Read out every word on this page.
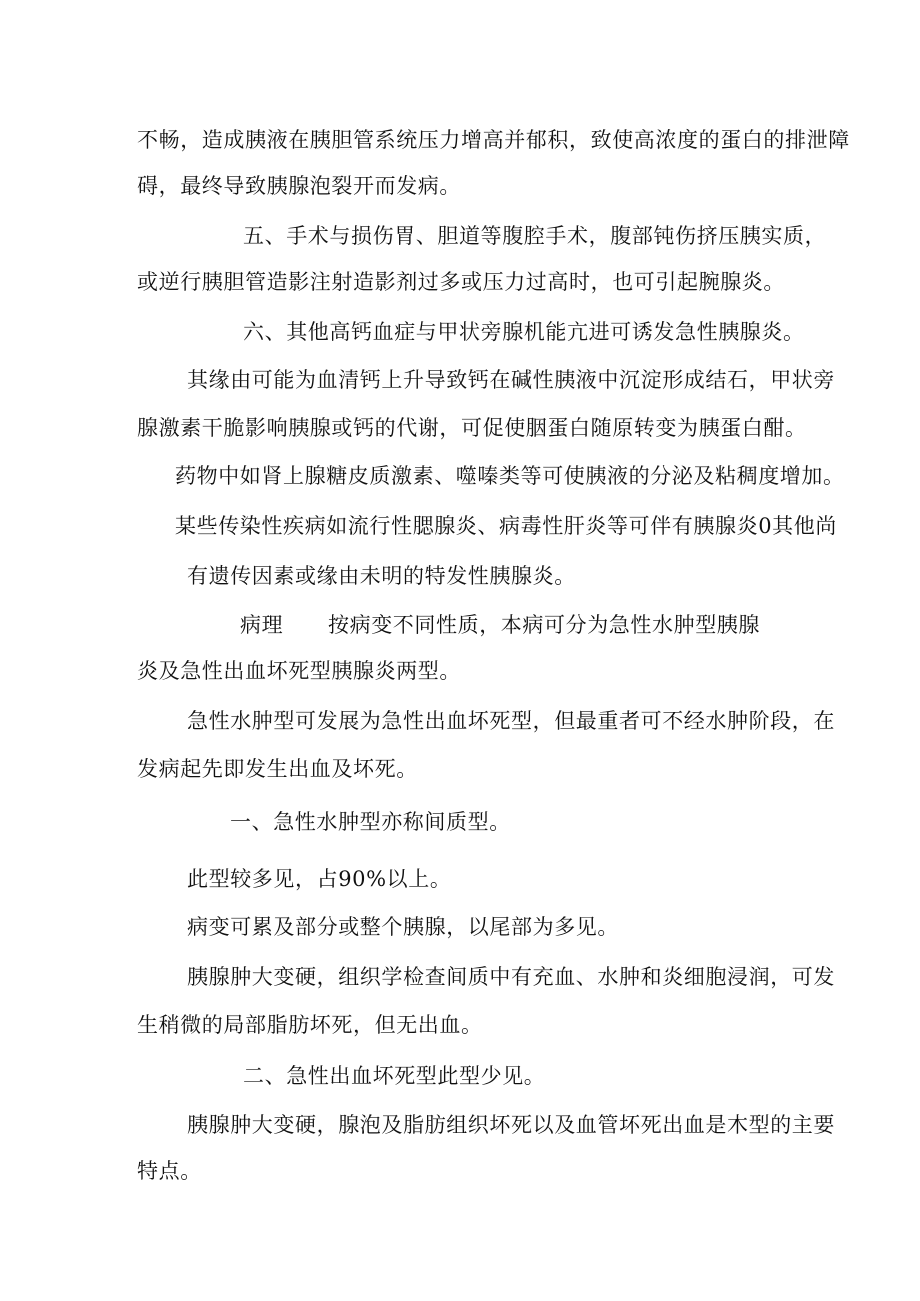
不畅，造成胰液在胰胆管系统压力增高并郁积，致使高浓度的蛋白的排泄障
碍，最终导致胰腺泡裂开而发病。
五、手术与损伤胃、胆道等腹腔手术，腹部钝伤挤压胰实质，
或逆行胰胆管造影注射造影剂过多或压力过高时，也可引起腕腺炎。
六、其他高钙血症与甲状旁腺机能亢进可诱发急性胰腺炎。
其缘由可能为血清钙上升导致钙在碱性胰液中沉淀形成结石，甲状旁
腺激素干脆影响胰腺或钙的代谢，可促使胭蛋白随原转变为胰蛋白酣。
药物中如肾上腺糖皮质激素、噬嗪类等可使胰液的分泌及粘稠度增加。
某些传染性疾病如流行性腮腺炎、病毒性肝炎等可伴有胰腺炎0其他尚
有遗传因素或缘由未明的特发性胰腺炎。
病理 按病变不同性质，本病可分为急性水肿型胰腺
炎及急性出血坏死型胰腺炎两型。
急性水肿型可发展为急性出血坏死型，但最重者可不经水肿阶段，在
发病起先即发生出血及坏死。
一、急性水肿型亦称间质型。
此型较多见，占90%以上。
病变可累及部分或整个胰腺，以尾部为多见。
胰腺肿大变硬，组织学检查间质中有充血、水肿和炎细胞浸润，可发
生稍微的局部脂肪坏死，但无出血。
二、急性出血坏死型此型少见。
胰腺肿大变硬，腺泡及脂肪组织坏死以及血管坏死出血是木型的主要
特点。
